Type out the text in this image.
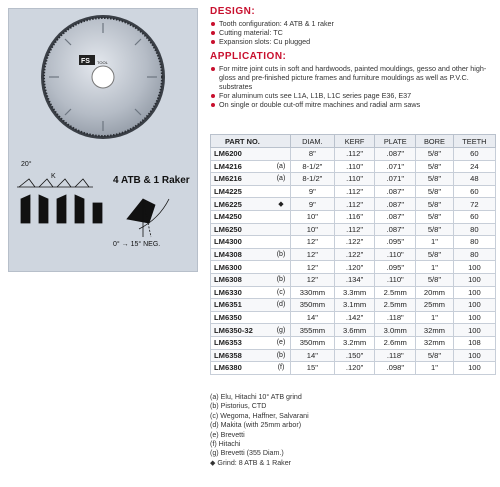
FS TOOL
4 ATB & 1 Raker
20°
K
0° → 15° NEG.
DESIGN:
Tooth configuration: 4 ATB & 1 raker
Cutting material: TC
Expansion slots: Cu plugged
APPLICATION:
For mitre joint cuts in soft and hardwoods, painted mouldings, gesso and other high-gloss and pre-finished picture frames and furniture mouldings as well as P.V.C. substrates
For aluminum cuts see L1A, L1B, L1C series page E36, E37
On single or double cut-off mitre machines and radial arm saws
PART NO.		DIAM.	KERF	PLATE	BORE	TEETH
LM6200		8"	.112"	.087"	5/8"	60
LM4216	(a)	8-1/2"	.110"	.071"	5/8"	24
LM6216	(a)	8-1/2"	.110"	.071"	5/8"	48
LM4225		9"	.112"	.087"	5/8"	60
LM6225	◆	9"	.112"	.087"	5/8"	72
LM4250		10"	.116"	.087"	5/8"	60
LM6250		10"	.112"	.087"	5/8"	80
LM4300		12"	.122"	.095"	1"	80
LM4308	(b)	12"	.122"	.110"	5/8"	80
LM6300		12"	.120"	.095"	1"	100
LM6308	(b)	12"	.134"	.110"	5/8"	100
LM6330	(c)	330mm	3.3mm	2.5mm	20mm	100
LM6351	(d)	350mm	3.1mm	2.5mm	25mm	100
LM6350		14"	.142"	.118"	1"	100
LM6350-32	(g)	355mm	3.6mm	3.0mm	32mm	100
LM6353	(e)	350mm	3.2mm	2.6mm	32mm	108
LM6358	(b)	14"	.150"	.118"	5/8"	100
LM6380	(f)	15"	.120"	.098"	1"	100
(a) Elu, Hitachi 10° ATB grind
(b) Pistorius, CTD
(c) Wegoma, Haffner, Salvarani
(d) Makita (with 25mm arbor)
(e) Brevetti
(f) Hitachi
(g) Brevetti (355 Diam.)
◆ Grind: 8 ATB & 1 Raker
